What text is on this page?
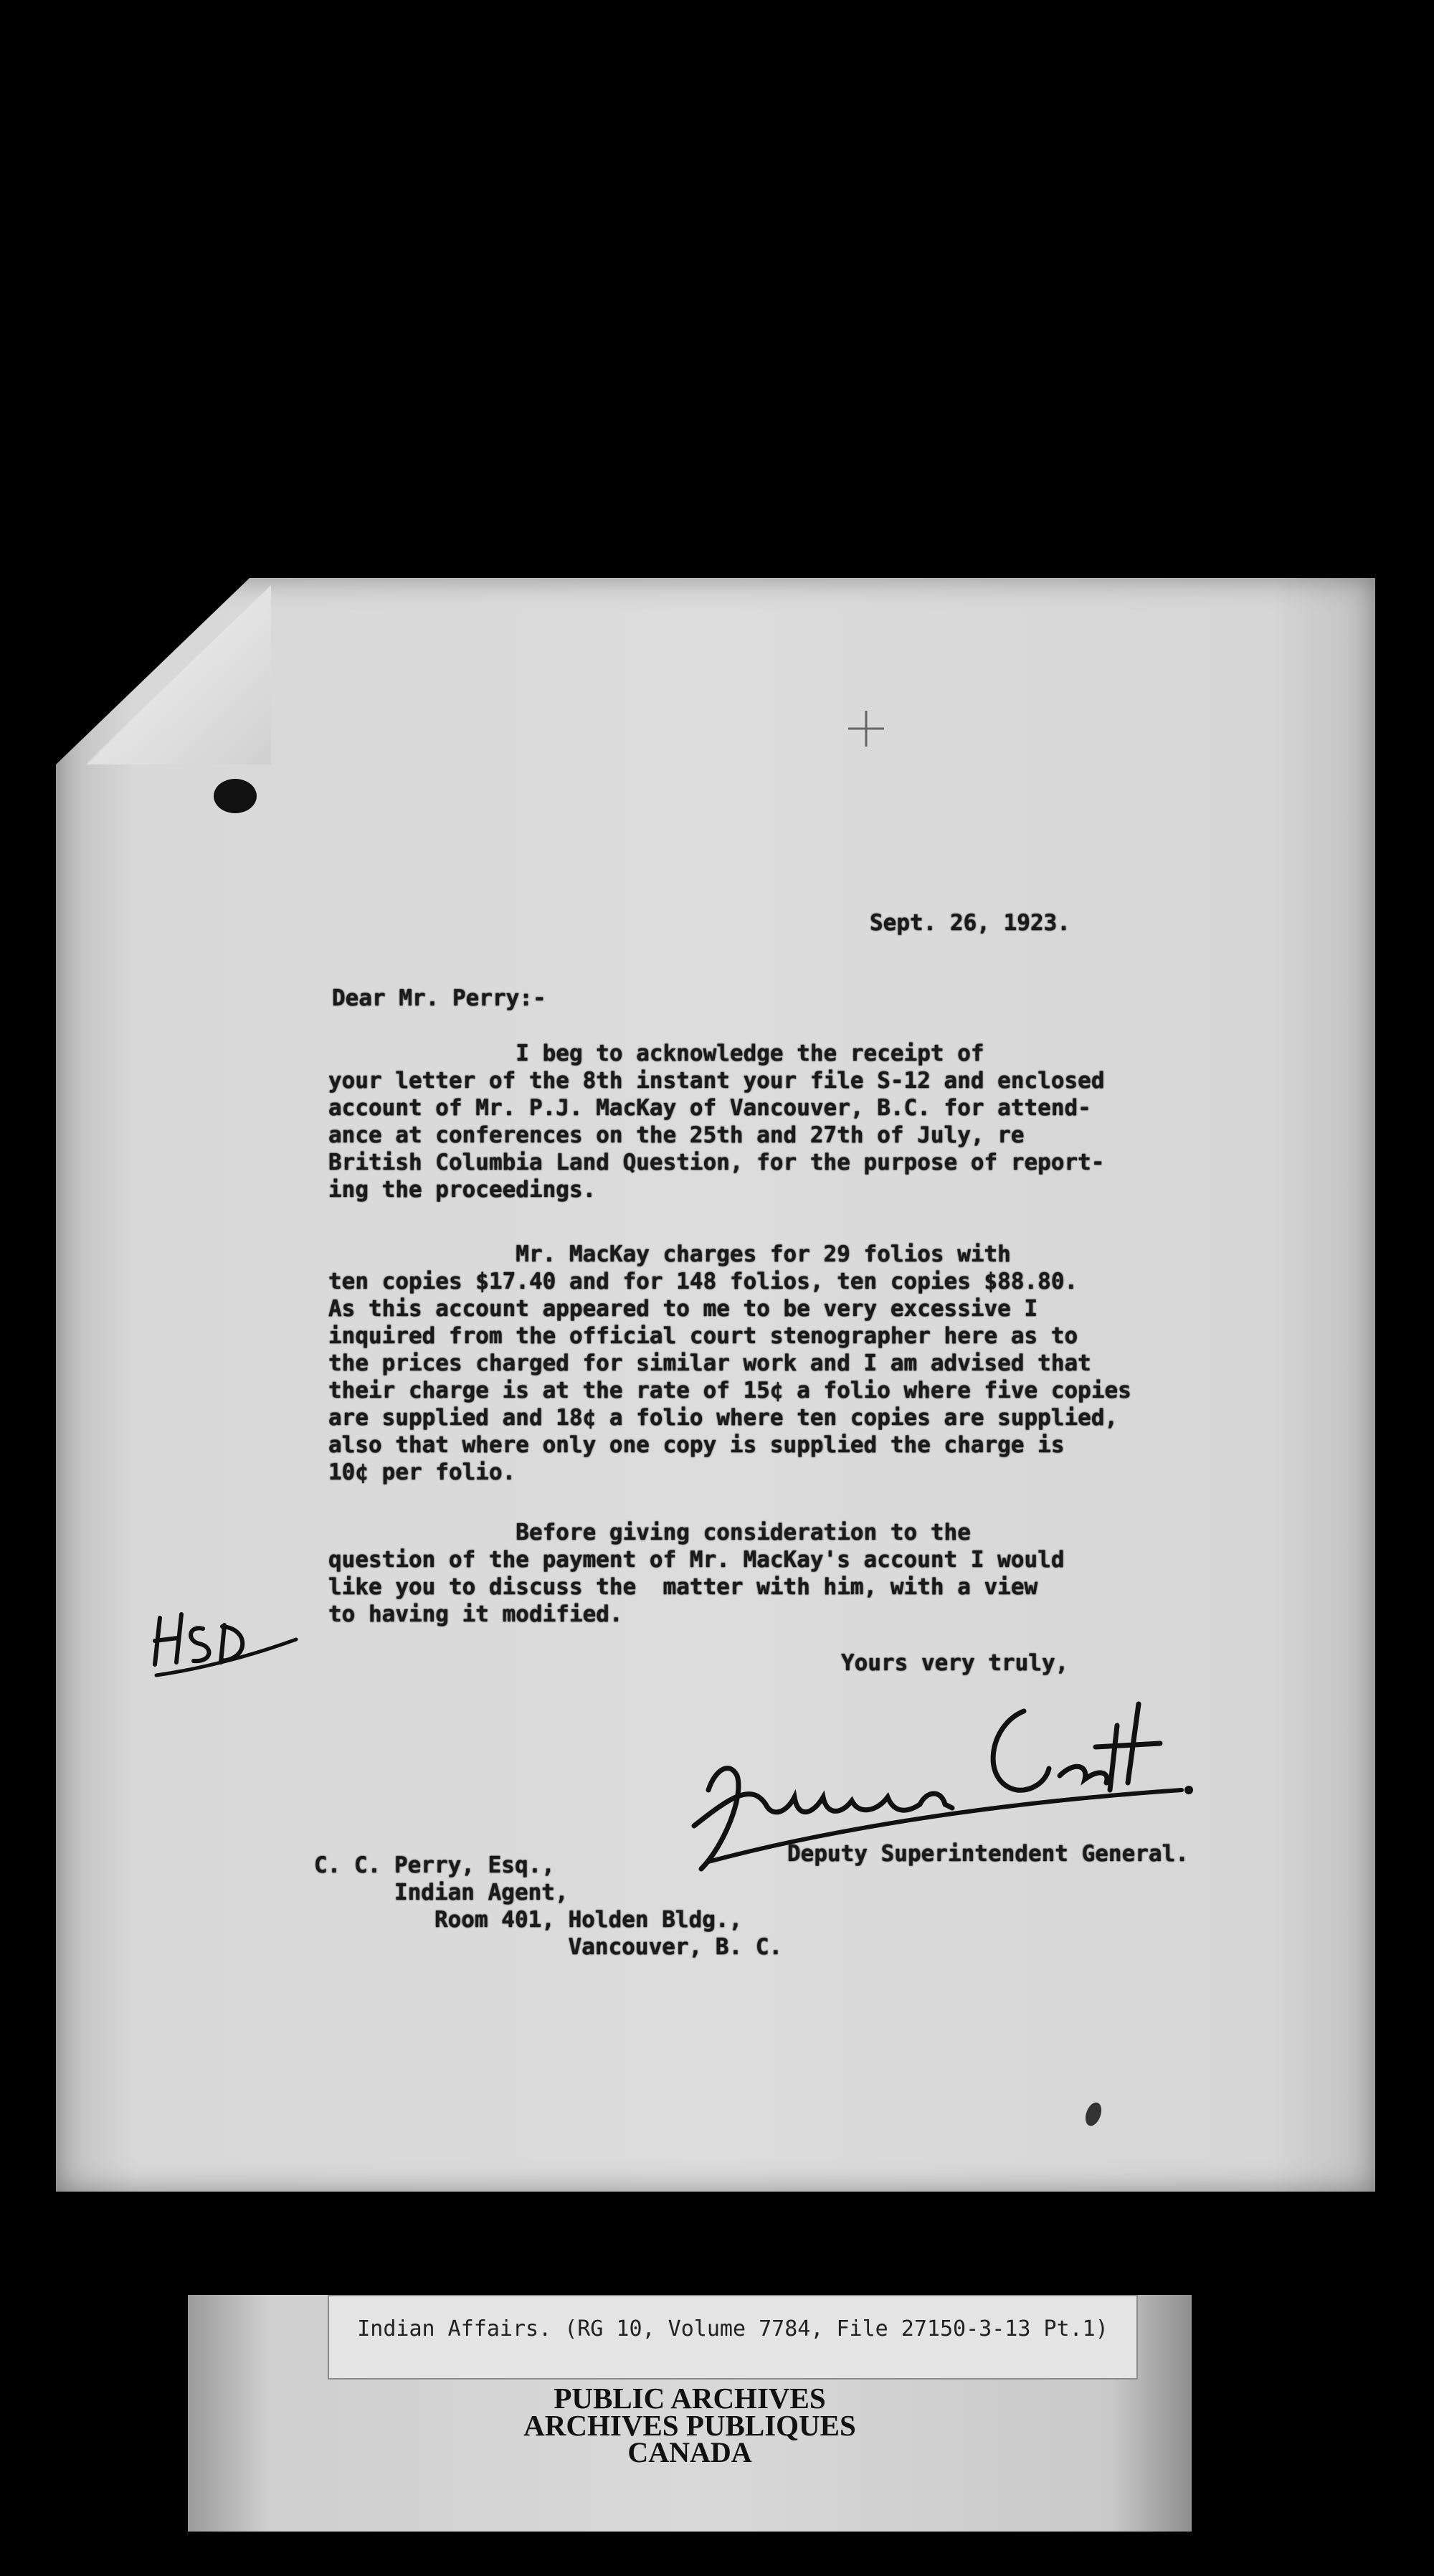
Sept. 26, 1923.
Dear Mr. Perry:-
I beg to acknowledge the receipt of
your letter of the 8th instant your file S-12 and enclosed
account of Mr. P.J. MacKay of Vancouver, B.C. for attend-
ance at conferences on the 25th and 27th of July, re
British Columbia Land Question, for the purpose of report-
ing the proceedings.
Mr. MacKay charges for 29 folios with
ten copies $17.40 and for 148 folios, ten copies $88.80.
As this account appeared to me to be very excessive I
inquired from the official court stenographer here as to
the prices charged for similar work and I am advised that
their charge is at the rate of 15¢ a folio where five copies
are supplied and 18¢ a folio where ten copies are supplied,
also that where only one copy is supplied the charge is
10¢ per folio.
Before giving consideration to the
question of the payment of Mr. MacKay's account I would
like you to discuss the  matter with him, with a view
to having it modified.
Yours very truly,
Deputy Superintendent General.
C. C. Perry, Esq.,
Indian Agent,
Room 401, Holden Bldg.,
Vancouver, B. C.
Indian Affairs. (RG 10, Volume 7784, File 27150-3-13 Pt.1)
PUBLIC ARCHIVES
ARCHIVES PUBLIQUES
CANADA
